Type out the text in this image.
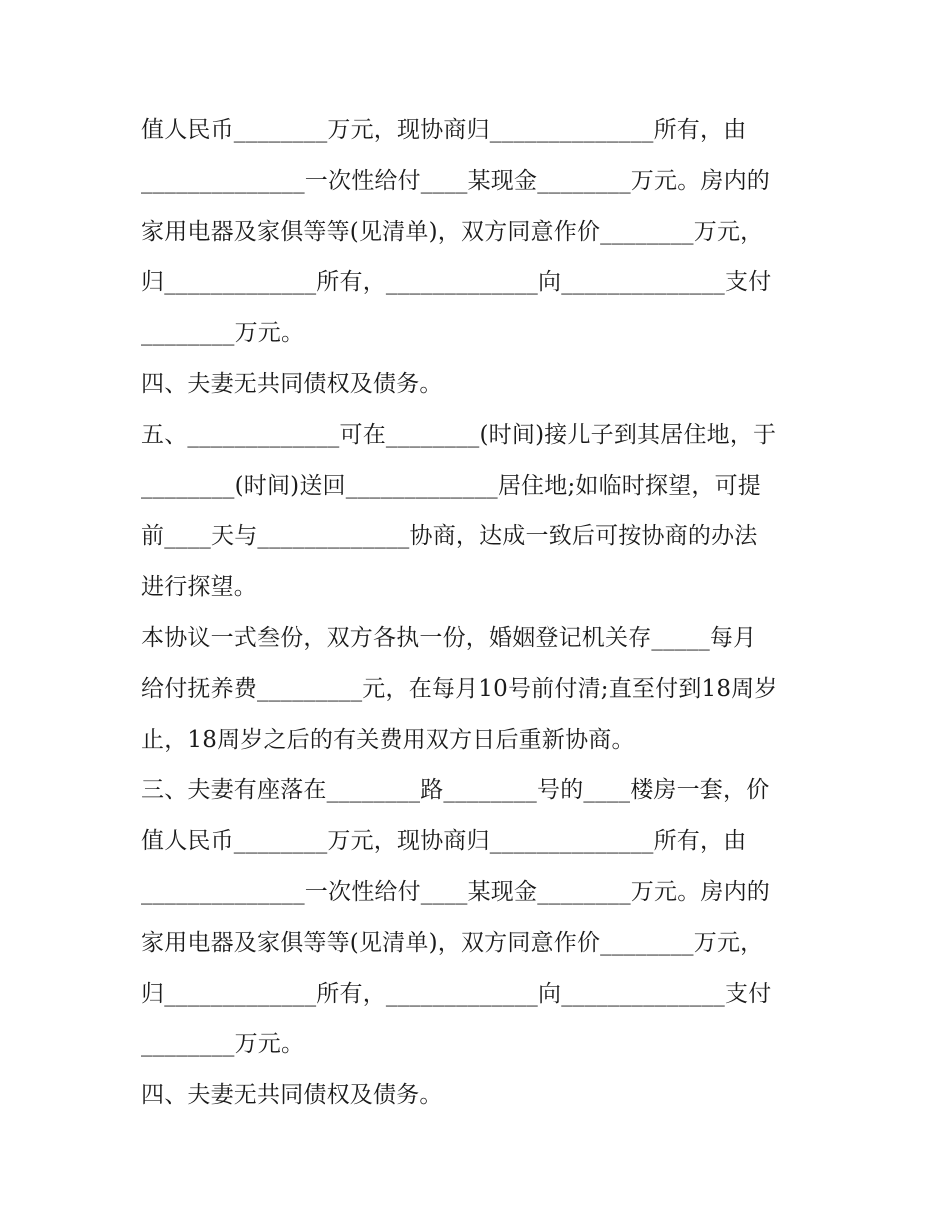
值人民币________万元，现协商归______________所有，由
______________一次性给付____某现金________万元。房内的
家用电器及家俱等等(见清单)，双方同意作价________万元，
归_____________所有，_____________向______________支付
________万元。
四、夫妻无共同债权及债务。
五、_____________可在________(时间)接儿子到其居住地，于
________(时间)送回_____________居住地;如临时探望，可提
前____天与_____________协商，达成一致后可按协商的办法
进行探望。
本协议一式叁份，双方各执一份，婚姻登记机关存_____每月
给付抚养费_________元，在每月10号前付清;直至付到18周岁
止，18周岁之后的有关费用双方日后重新协商。
三、夫妻有座落在________路________号的____楼房一套，价
值人民币________万元，现协商归______________所有，由
______________一次性给付____某现金________万元。房内的
家用电器及家俱等等(见清单)，双方同意作价________万元，
归_____________所有，_____________向______________支付
________万元。
四、夫妻无共同债权及债务。
